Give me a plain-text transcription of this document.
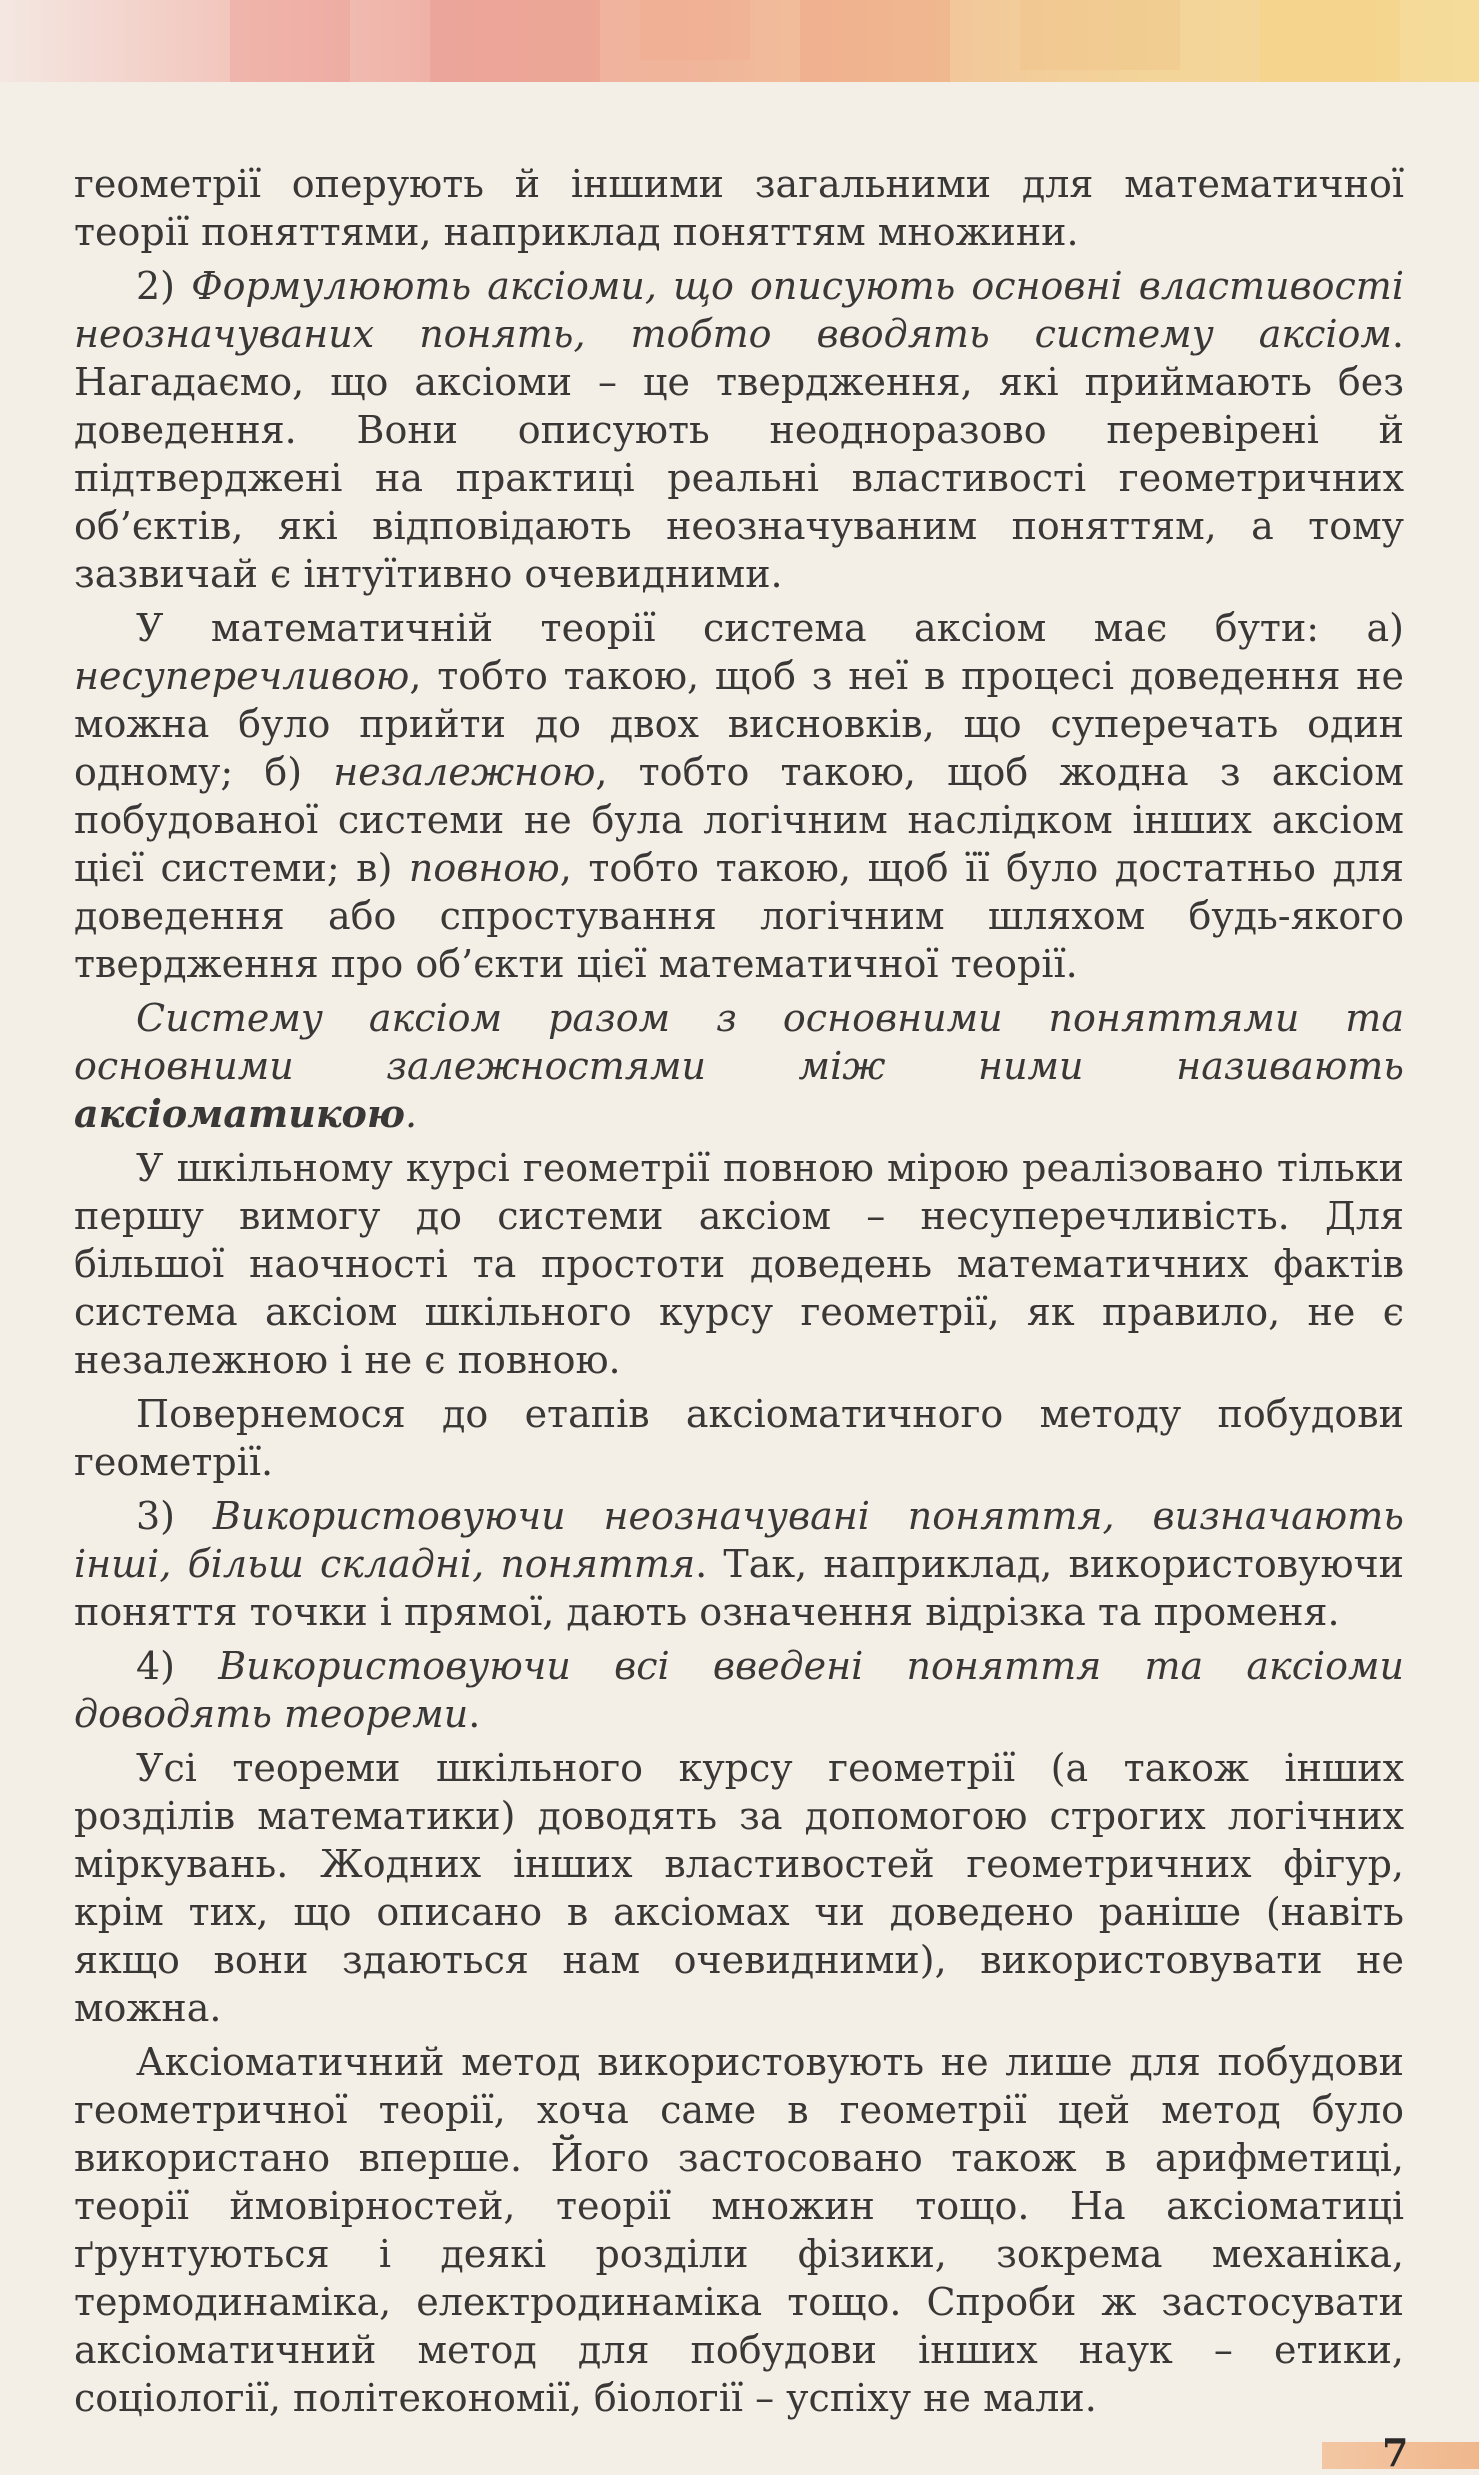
геометрії оперують й іншими загальними для математичної теорії поняттями, наприклад поняттям множини.

2) Формулюють аксіоми, що описують основні властивості неозначуваних понять, тобто вводять систему аксіом. Нагадаємо, що аксіоми – це твердження, які приймають без доведення. Вони описують неодноразово перевірені й підтверджені на практиці реальні властивості геометричних об’єктів, які відповідають неозначуваним поняттям, а тому зазвичай є інтуїтивно очевидними.

У математичній теорії система аксіом має бути: а) несуперечливою, тобто такою, щоб з неї в процесі доведення не можна було прийти до двох висновків, що суперечать один одному; б) незалежною, тобто такою, щоб жодна з аксіом побудованої системи не була логічним наслідком інших аксіом цієї системи; в) повною, тобто такою, щоб її було достатньо для доведення або спростування логічним шляхом будь-якого твердження про об’єкти цієї математичної теорії.

Систему аксіом разом з основними поняттями та основними залежностями між ними називають аксіоматикою.

У шкільному курсі геометрії повною мірою реалізовано тільки першу вимогу до системи аксіом – несуперечливість. Для більшої наочності та простоти доведень математичних фактів система аксіом шкільного курсу геометрії, як правило, не є незалежною і не є повною.

Повернемося до етапів аксіоматичного методу побудови геометрії.

3) Використовуючи неозначувані поняття, визначають інші, більш складні, поняття. Так, наприклад, використовуючи поняття точки і прямої, дають означення відрізка та променя.

4) Використовуючи всі введені поняття та аксіоми доводять теореми.

Усі теореми шкільного курсу геометрії (а також інших розділів математики) доводять за допомогою строгих логічних міркувань. Жодних інших властивостей геометричних фігур, крім тих, що описано в аксіомах чи доведено раніше (навіть якщо вони здаються нам очевидними), використовувати не можна.

Аксіоматичний метод використовують не лише для побудови геометричної теорії, хоча саме в геометрії цей метод було використано вперше. Його застосовано також в арифметиці, теорії ймовірностей, теорії множин тощо. На аксіоматиці ґрунтуються і деякі розділи фізики, зокрема механіка, термодинаміка, електродинаміка тощо. Спроби ж застосувати аксіоматичний метод для побудови інших наук – етики, соціології, політекономії, біології – успіху не мали.

7
